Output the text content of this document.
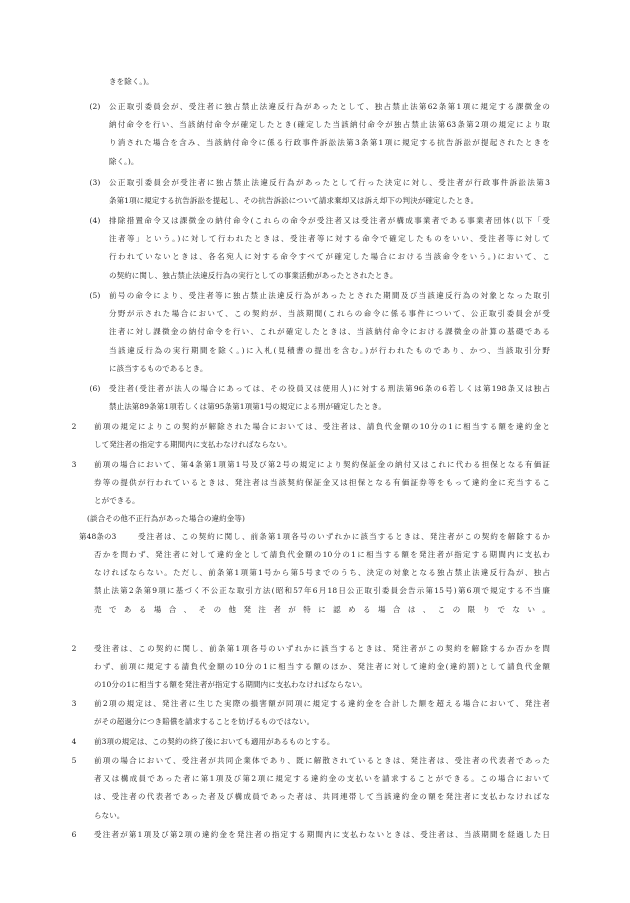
きを除く。)。
(2)	公正取引委員会が、受注者に独占禁止法違反行為があったとして、独占禁止法第62条第1項に規定する課徴金の
納付命令を行い、当該納付命令が確定したとき(確定した当該納付命令が独占禁止法第63条第2項の規定により取
り消された場合を含み、当該納付命令に係る行政事件訴訟法第3条第1項に規定する抗告訴訟が提起されたときを
除く。)。
(3)	公正取引委員会が受注者に独占禁止法違反行為があったとして行った決定に対し、受注者が行政事件訴訟法第3
条第1項に規定する抗告訴訟を提起し、その抗告訴訟について請求棄却又は訴え却下の判決が確定したとき。
(4)	排除措置命令又は課徴金の納付命令(これらの命令が受注者又は受注者が構成事業者である事業者団体(以下「受
注者等」という。)に対して行われたときは、受注者等に対する命令で確定したものをいい、受注者等に対して
行われていないときは、各名宛人に対する命令すべてが確定した場合における当該命令をいう。)において、こ
の契約に関し、独占禁止法違反行為の実行としての事業活動があったとされたとき。
(5)	前号の命令により、受注者等に独占禁止法違反行為があったとされた期間及び当該違反行為の対象となった取引
分野が示された場合において、この契約が、当該期間(これらの命令に係る事件について、公正取引委員会が受
注者に対し課徴金の納付命令を行い、これが確定したときは、当該納付命令における課徴金の計算の基礎である
当該違反行為の実行期間を除く。)に入札(見積書の提出を含む。)が行われたものであり、かつ、当該取引分野
に該当するものであるとき。
(6)	受注者(受注者が法人の場合にあっては、その役員又は使用人)に対する刑法第96条の6若しくは第198条又は独占
禁止法第89条第1項若しくは第95条第1項第1号の規定による刑が確定したとき。
2	前項の規定によりこの契約が解除された場合においては、受注者は、請負代金額の10分の1に相当する額を違約金と
して発注者の指定する期間内に支払わなければならない。
3	前項の場合において、第4条第1項第1号及び第2号の規定により契約保証金の納付又はこれに代わる担保となる有価証
券等の提供が行われているときは、発注者は当該契約保証金又は担保となる有価証券等をもって違約金に充当するこ
とができる。
(談合その他不正行為があった場合の違約金等)
第48条の3	受注者は、この契約に関し、前条第1項各号のいずれかに該当するときは、発注者がこの契約を解除するか
否かを問わず、発注者に対して違約金として請負代金額の10分の1に相当する額を発注者が指定する期間内に支払わ
なければならない。ただし、前条第1項第1号から第5号までのうち、決定の対象となる独占禁止法違反行為が、独占
禁止法第2条第9項に基づく不公正な取引方法(昭和57年6月18日公正取引委員会告示第15号)第6項で規定する不当廉
売である場合、その他発注者が特に認める場合は、この限りでない。
2	受注者は、この契約に関し、前条第1項各号のいずれかに該当するときは、発注者がこの契約を解除するか否かを問
わず、前項に規定する請負代金額の10分の1に相当する額のほか、発注者に対して違約金(違約罰)として請負代金額
の10分の1に相当する額を発注者が指定する期間内に支払わなければならない。
3	前2項の規定は、発注者に生じた実際の損害額が同項に規定する違約金を合計した額を超える場合において、発注者
がその超過分につき賠償を請求することを妨げるものではない。
4	前3項の規定は、この契約の終了後においても適用があるものとする。
5	前項の場合において、受注者が共同企業体であり、既に解散されているときは、発注者は、受注者の代表者であった
者又は構成員であった者に第1項及び第2項に規定する違約金の支払いを請求することができる。この場合において
は、受注者の代表者であった者及び構成員であった者は、共同連帯して当該違約金の額を発注者に支払わなければな
らない。
6	受注者が第1項及び第2項の違約金を発注者の指定する期間内に支払わないときは、受注者は、当該期間を経過した日
